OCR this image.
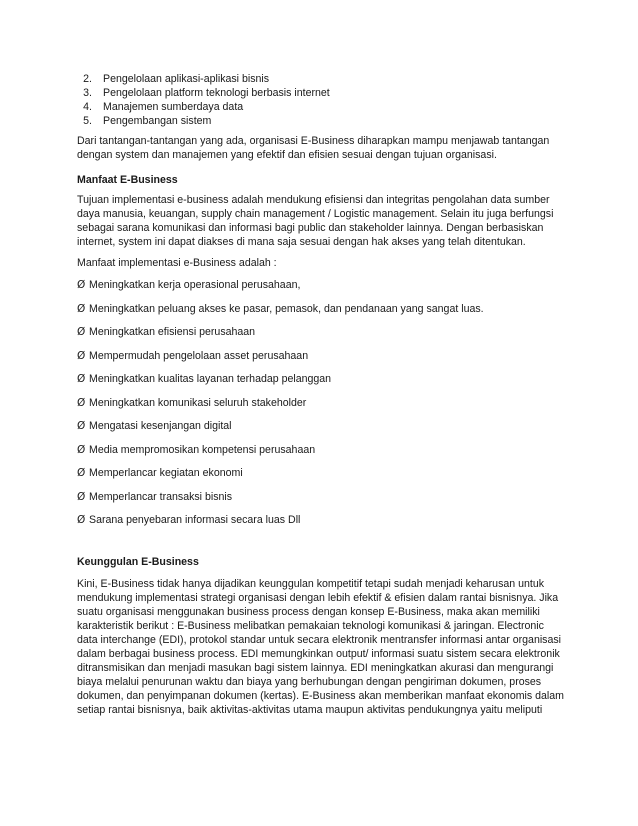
2. Pengelolaan aplikasi-aplikasi bisnis
3. Pengelolaan platform teknologi berbasis internet
4. Manajemen sumberdaya data
5. Pengembangan sistem

Dari tantangan-tantangan yang ada, organisasi E-Business diharapkan mampu menjawab tantangan dengan system dan manajemen yang efektif dan efisien sesuai dengan tujuan organisasi.

Manfaat E-Business

Tujuan implementasi e-business adalah mendukung efisiensi dan integritas pengolahan data sumber daya manusia, keuangan, supply chain management / Logistic management. Selain itu juga berfungsi sebagai sarana komunikasi dan informasi bagi public dan stakeholder lainnya. Dengan berbasiskan internet, system ini dapat diakses di mana saja sesuai dengan hak akses yang telah ditentukan.

Manfaat implementasi e-Business adalah :

Ø Meningkatkan kerja operasional perusahaan,
Ø Meningkatkan peluang akses ke pasar, pemasok, dan pendanaan yang sangat luas.
Ø Meningkatkan efisiensi perusahaan
Ø Mempermudah pengelolaan asset perusahaan
Ø Meningkatkan kualitas layanan terhadap pelanggan
Ø Meningkatkan komunikasi seluruh stakeholder
Ø Mengatasi kesenjangan digital
Ø Media mempromosikan kompetensi perusahaan
Ø Memperlancar kegiatan ekonomi
Ø Memperlancar transaksi bisnis
Ø Sarana penyebaran informasi secara luas Dll

Keunggulan E-Business

Kini, E-Business tidak hanya dijadikan keunggulan kompetitif tetapi sudah menjadi keharusan untuk mendukung implementasi strategi organisasi dengan lebih efektif & efisien dalam rantai bisnisnya. Jika suatu organisasi menggunakan business process dengan konsep E-Business, maka akan memiliki karakteristik berikut : E-Business melibatkan pemakaian teknologi komunikasi & jaringan. Electronic data interchange (EDI), protokol standar untuk secara elektronik mentransfer informasi antar organisasi dalam berbagai business process. EDI memungkinkan output/ informasi suatu sistem secara elektronik ditransmisikan dan menjadi masukan bagi sistem lainnya. EDI meningkatkan akurasi dan mengurangi biaya melalui penurunan waktu dan biaya yang berhubungan dengan pengiriman dokumen, proses dokumen, dan penyimpanan dokumen (kertas). E-Business akan memberikan manfaat ekonomis dalam setiap rantai bisnisnya, baik aktivitas-aktivitas utama maupun aktivitas pendukungnya yaitu meliputi
